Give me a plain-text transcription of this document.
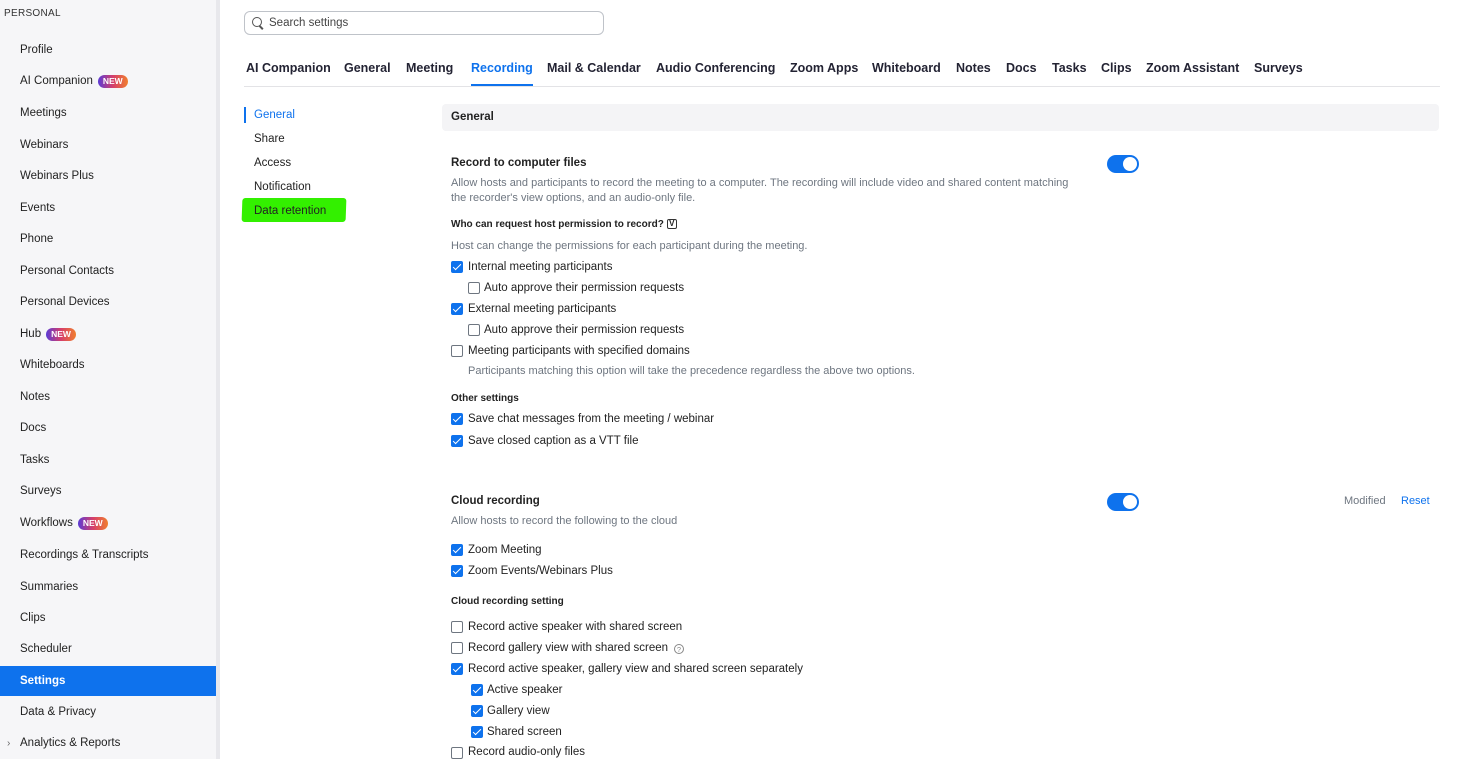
PERSONAL
Profile
AI Companion	NEW
Meetings
Webinars
Webinars Plus
Events
Phone
Personal Contacts
Personal Devices
Hub	NEW
Whiteboards
Notes
Docs
Tasks
Surveys
Workflows	NEW
Recordings & Transcripts
Summaries
Clips
Scheduler
Settings
Data & Privacy
› Analytics & Reports
Search settings
AI Companion General Meeting Recording Mail & Calendar Audio Conferencing Zoom Apps Whiteboard Notes Docs Tasks Clips Zoom Assistant Surveys
General
Share
Access
Notification
Data retention
General
Record to computer files
Allow hosts and participants to record the meeting to a computer. The recording will include video and shared content matching the recorder's view options, and an audio-only file.
Who can request host permission to record? V
Host can change the permissions for each participant during the meeting.
Internal meeting participants
Auto approve their permission requests
External meeting participants
Auto approve their permission requests
Meeting participants with specified domains
Participants matching this option will take the precedence regardless the above two options.
Other settings
Save chat messages from the meeting / webinar
Save closed caption as a VTT file
Cloud recording	Modified Reset
Allow hosts to record the following to the cloud
Zoom Meeting
Zoom Events/Webinars Plus
Cloud recording setting
Record active speaker with shared screen
Record gallery view with shared screen	?
Record active speaker, gallery view and shared screen separately
Active speaker
Gallery view
Shared screen
Record audio-only files
